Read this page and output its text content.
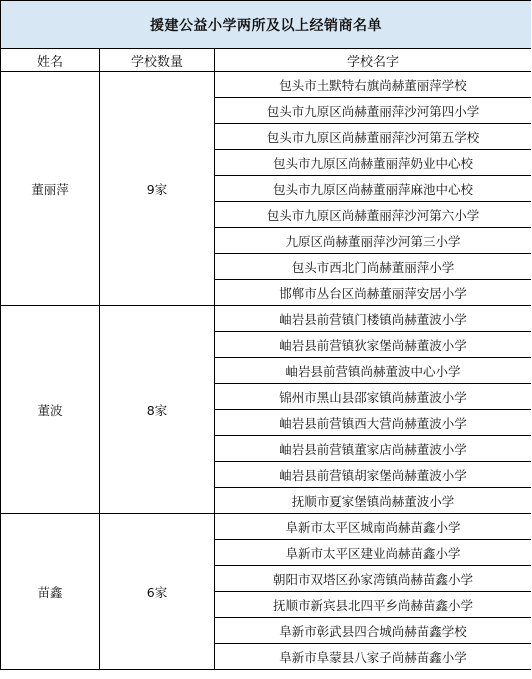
援建公益小学两所及以上经销商名单		
姓名	学校数量	学校名字
董丽萍	9家	包头市土默特右旗尚赫董丽萍学校
		包头市九原区尚赫董丽萍沙河第四小学
		包头市九原区尚赫董丽萍沙河第五学校
		包头市九原区尚赫董丽萍奶业中心校
		包头市九原区尚赫董丽萍麻池中心校
		包头市九原区尚赫董丽萍沙河第六小学
		九原区尚赫董丽萍沙河第三小学
		包头市西北门尚赫董丽萍小学
		邯郸市丛台区尚赫董丽萍安居小学
董波	8家	岫岩县前营镇门楼镇尚赫董波小学
		岫岩县前营镇狄家堡尚赫董波小学
		岫岩县前营镇尚赫董波中心小学
		锦州市黑山县邵家镇尚赫董波小学
		岫岩县前营镇西大营尚赫董波小学
		岫岩县前营镇董家店尚赫董波小学
		岫岩县前营镇胡家堡尚赫董波小学
		抚顺市夏家堡镇尚赫董波小学
苗鑫	6家	阜新市太平区城南尚赫苗鑫小学
		阜新市太平区建业尚赫苗鑫小学
		朝阳市双塔区孙家湾镇尚赫苗鑫小学
		抚顺市新宾县北四平乡尚赫苗鑫小学
		阜新市彰武县四合城尚赫苗鑫学校
		阜新市阜蒙县八家子尚赫苗鑫小学
